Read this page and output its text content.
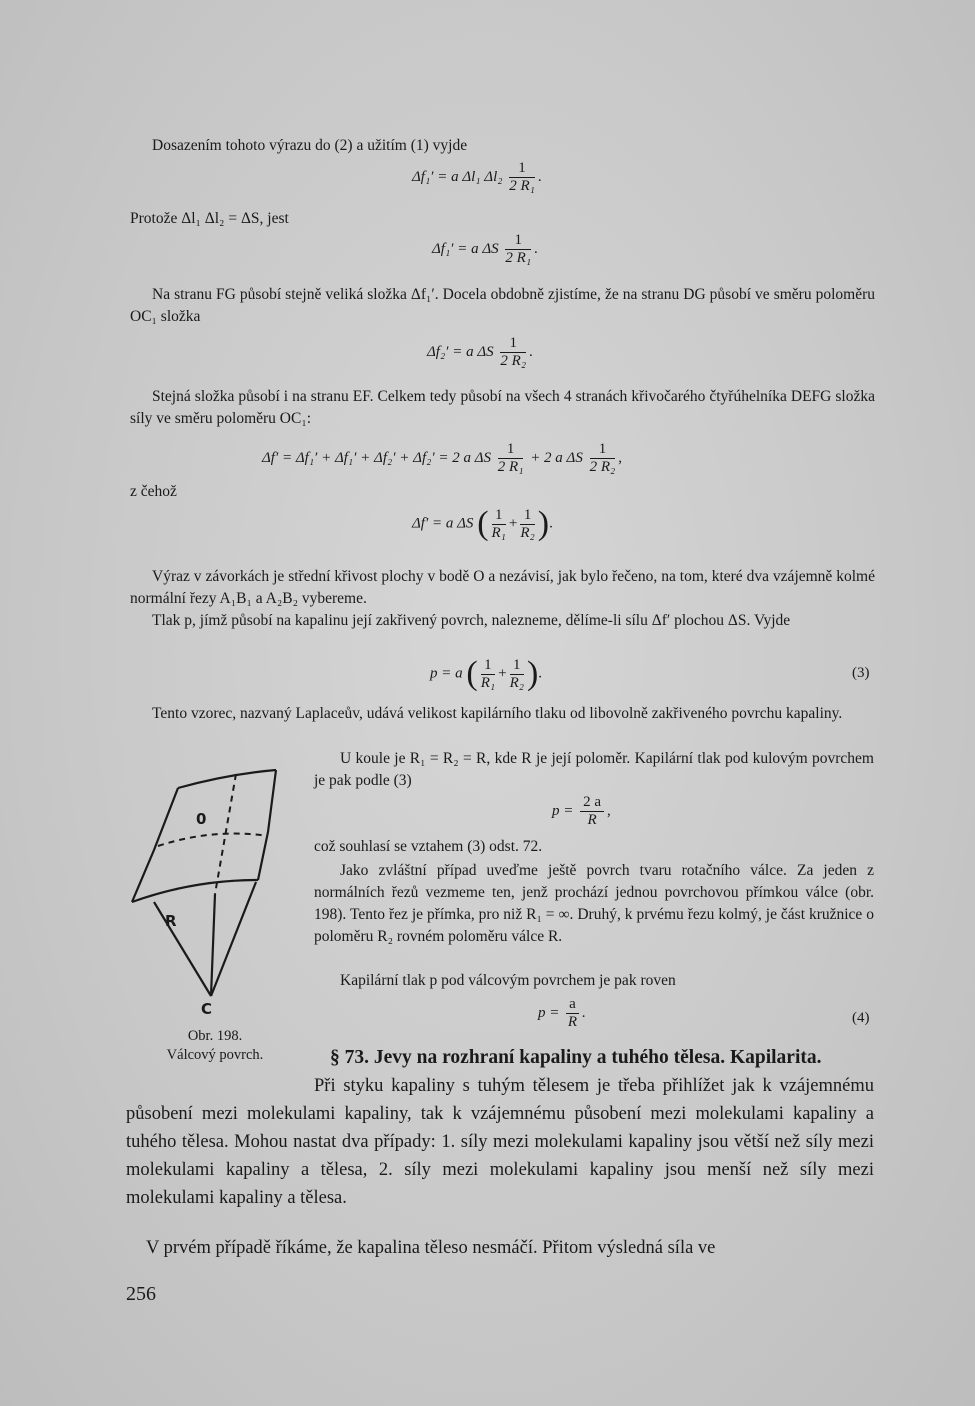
Dosazením tohoto výrazu do (2) a užitím (1) vyjde
Δf₁′ = a Δl₁ $\Delta l_2 \frac{1}{\text{2 R₁}}$ .
Protože Δl₁ Δl₂ = ΔS, jest
Δf₁′ = a ΔS $\frac{1}{\text{2 R₁}}$ .
Na stranu FG působí stejně veliká složka Δf₁′. Docela obdobně zjistíme, že na stranu DG působí ve směru poloměru OC₁ složka
Δf₂′ = a ΔS $\frac{1}{\text{2 R₂}}$ .
Stejná složka působí i na stranu EF. Celkem tedy působí na všech 4 stranách křivočarého čtyřúhelníka DEFG složka síly ve směru poloměru OC₁:
Δf′ = Δf₁′ + Δf₁′ + Δf₂′ + Δf₂′ = 2 a ΔS $\frac{1}{\text{2 R₁}} + 2$ a ΔS $\frac{1}{\text{2 R₂}}$ ,
z čehož
Δf′ = a ΔS ( $\frac{1}{\text{R₁}} + \frac{1}{\text{R₂}}$ ).
Výraz v závorkách je střední křivost plochy v bodě O a nezávisí, jak bylo řečeno, na tom, které dva vzájemně kolmé normální řezy A₁B₁ a A₂B₂ vybereme.
Tlak p, jímž působí na kapalinu její zakřivený povrch, nalezneme, dělíme-li sílu Δf′ plochou ΔS. Vyjde
p = a ( $\frac{1}{\text{R₁}} + \frac{1}{\text{R₂}}$ ).	(3)
Tento vzorec, nazvaný Laplaceův, udává velikost kapilárního tlaku od libovolně zakřiveného povrchu kapaliny.
U koule je R₁ = R₂ = R, kde R je její poloměr. Kapilární tlak pod kulovým povrchem je pak podle (3)
$p = \frac{2 a}{R}$ ,
což souhlasí se vztahem (3) odst. 72.
Jako zvláštní případ uveďme ještě povrch tvaru rotačního válce. Za jeden z normálních řezů vezmeme ten, jenž prochází jednou povrchovou přímkou válce (obr. 198). Tento řez je přímka, pro niž R₁ = ∞. Druhý, k prvému řezu kolmý, je část kružnice o poloměru R₂ rovném poloměru válce R.
Kapilární tlak p pod válcovým povrchem je pak roven
$p = \frac{a}{R}$ .	(4)
0
R
C
Obr. 198.
Válcový povrch.	§ 73. Jevy na rozhraní kapaliny a tuhého tělesa. Kapilarita.
Při styku kapaliny s tuhým tělesem je třeba přihlížet jak k vzájemnému působení mezi molekulami kapaliny, tak k vzájemnému působení mezi molekulami kapaliny a tuhého tělesa. Mohou nastat dva případy: 1. síly mezi molekulami kapaliny jsou větší než síly mezi molekulami kapaliny a tělesa, 2. síly mezi molekulami kapaliny jsou menší než síly mezi molekulami kapaliny a tělesa.
V prvém případě říkáme, že kapalina těleso nesmáčí. Přitom výsledná síla ve
256
